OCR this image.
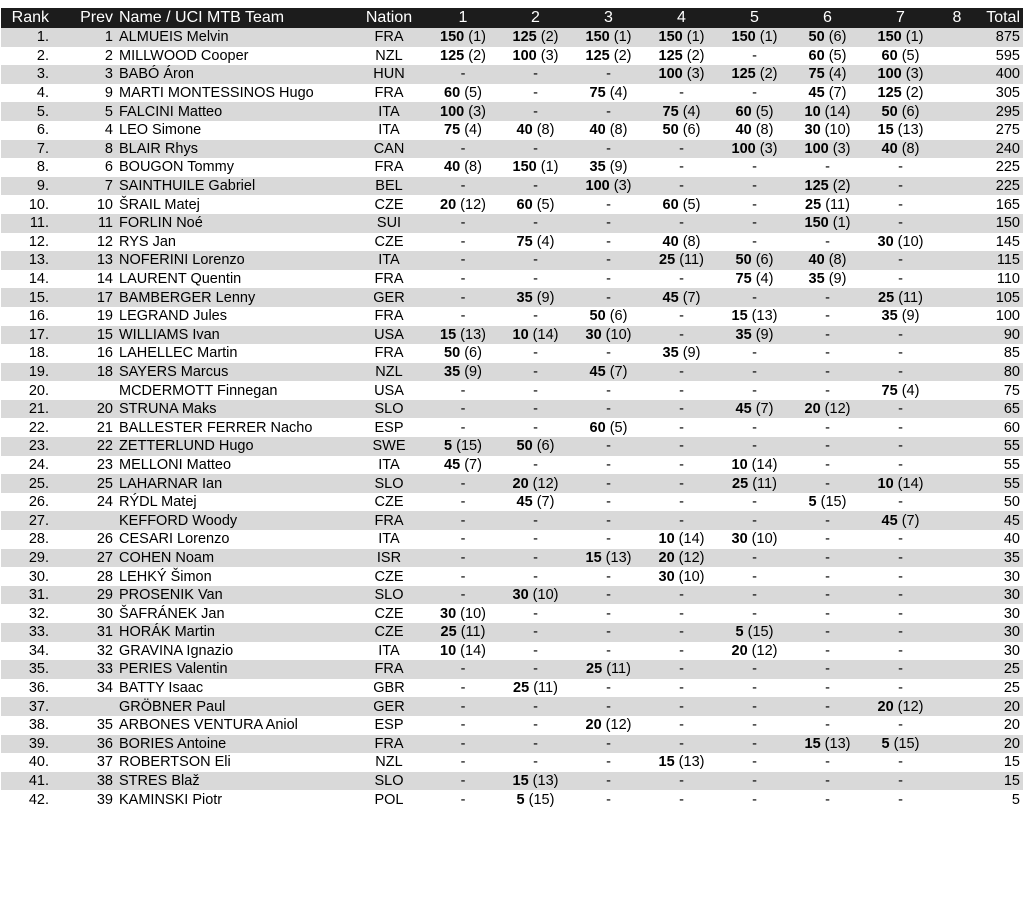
Rank	Prev	Name / UCI MTB Team	Nation	1	2	3	4	5	6	7	8	Total
1.	1	ALMUEIS Melvin	FRA	150 (1)	125 (2)	150 (1)	150 (1)	150 (1)	50 (6)	150 (1)		875
2.	2	MILLWOOD Cooper	NZL	125 (2)	100 (3)	125 (2)	125 (2)	-	60 (5)	60 (5)		595
3.	3	BABÓ Áron	HUN	-	-	-	100 (3)	125 (2)	75 (4)	100 (3)		400
4.	9	MARTI MONTESSINOS Hugo	FRA	60 (5)	-	75 (4)	-	-	45 (7)	125 (2)		305
5.	5	FALCINI Matteo	ITA	100 (3)	-	-	75 (4)	60 (5)	10 (14)	50 (6)		295
6.	4	LEO Simone	ITA	75 (4)	40 (8)	40 (8)	50 (6)	40 (8)	30 (10)	15 (13)		275
7.	8	BLAIR Rhys	CAN	-	-	-	-	100 (3)	100 (3)	40 (8)		240
8.	6	BOUGON Tommy	FRA	40 (8)	150 (1)	35 (9)	-	-	-	-		225
9.	7	SAINTHUILE Gabriel	BEL	-	-	100 (3)	-	-	125 (2)	-		225
10.	10	ŠRAIL Matej	CZE	20 (12)	60 (5)	-	60 (5)	-	25 (11)	-		165
11.	11	FORLIN Noé	SUI	-	-	-	-	-	150 (1)	-		150
12.	12	RYS Jan	CZE	-	75 (4)	-	40 (8)	-	-	30 (10)		145
13.	13	NOFERINI Lorenzo	ITA	-	-	-	25 (11)	50 (6)	40 (8)	-		115
14.	14	LAURENT Quentin	FRA	-	-	-	-	75 (4)	35 (9)	-		110
15.	17	BAMBERGER Lenny	GER	-	35 (9)	-	45 (7)	-	-	25 (11)		105
16.	19	LEGRAND Jules	FRA	-	-	50 (6)	-	15 (13)	-	35 (9)		100
17.	15	WILLIAMS Ivan	USA	15 (13)	10 (14)	30 (10)	-	35 (9)	-	-		90
18.	16	LAHELLEC Martin	FRA	50 (6)	-	-	35 (9)	-	-	-		85
19.	18	SAYERS Marcus	NZL	35 (9)	-	45 (7)	-	-	-	-		80
20.		MCDERMOTT Finnegan	USA	-	-	-	-	-	-	75 (4)		75
21.	20	STRUNA Maks	SLO	-	-	-	-	45 (7)	20 (12)	-		65
22.	21	BALLESTER FERRER Nacho	ESP	-	-	60 (5)	-	-	-	-		60
23.	22	ZETTERLUND Hugo	SWE	5 (15)	50 (6)	-	-	-	-	-		55
24.	23	MELLONI Matteo	ITA	45 (7)	-	-	-	10 (14)	-	-		55
25.	25	LAHARNAR Ian	SLO	-	20 (12)	-	-	25 (11)	-	10 (14)		55
26.	24	RÝDL Matej	CZE	-	45 (7)	-	-	-	5 (15)	-		50
27.		KEFFORD Woody	FRA	-	-	-	-	-	-	45 (7)		45
28.	26	CESARI Lorenzo	ITA	-	-	-	10 (14)	30 (10)	-	-		40
29.	27	COHEN Noam	ISR	-	-	15 (13)	20 (12)	-	-	-		35
30.	28	LEHKÝ Šimon	CZE	-	-	-	30 (10)	-	-	-		30
31.	29	PROSENIK Van	SLO	-	30 (10)	-	-	-	-	-		30
32.	30	ŠAFRÁNEK Jan	CZE	30 (10)	-	-	-	-	-	-		30
33.	31	HORÁK Martin	CZE	25 (11)	-	-	-	5 (15)	-	-		30
34.	32	GRAVINA Ignazio	ITA	10 (14)	-	-	-	20 (12)	-	-		30
35.	33	PERIES Valentin	FRA	-	-	25 (11)	-	-	-	-		25
36.	34	BATTY Isaac	GBR	-	25 (11)	-	-	-	-	-		25
37.		GRÖBNER Paul	GER	-	-	-	-	-	-	20 (12)		20
38.	35	ARBONES VENTURA Aniol	ESP	-	-	20 (12)	-	-	-	-		20
39.	36	BORIES Antoine	FRA	-	-	-	-	-	15 (13)	5 (15)		20
40.	37	ROBERTSON Eli	NZL	-	-	-	15 (13)	-	-	-		15
41.	38	STRES Blaž	SLO	-	15 (13)	-	-	-	-	-		15
42.	39	KAMINSKI Piotr	POL	-	5 (15)	-	-	-	-	-		5
